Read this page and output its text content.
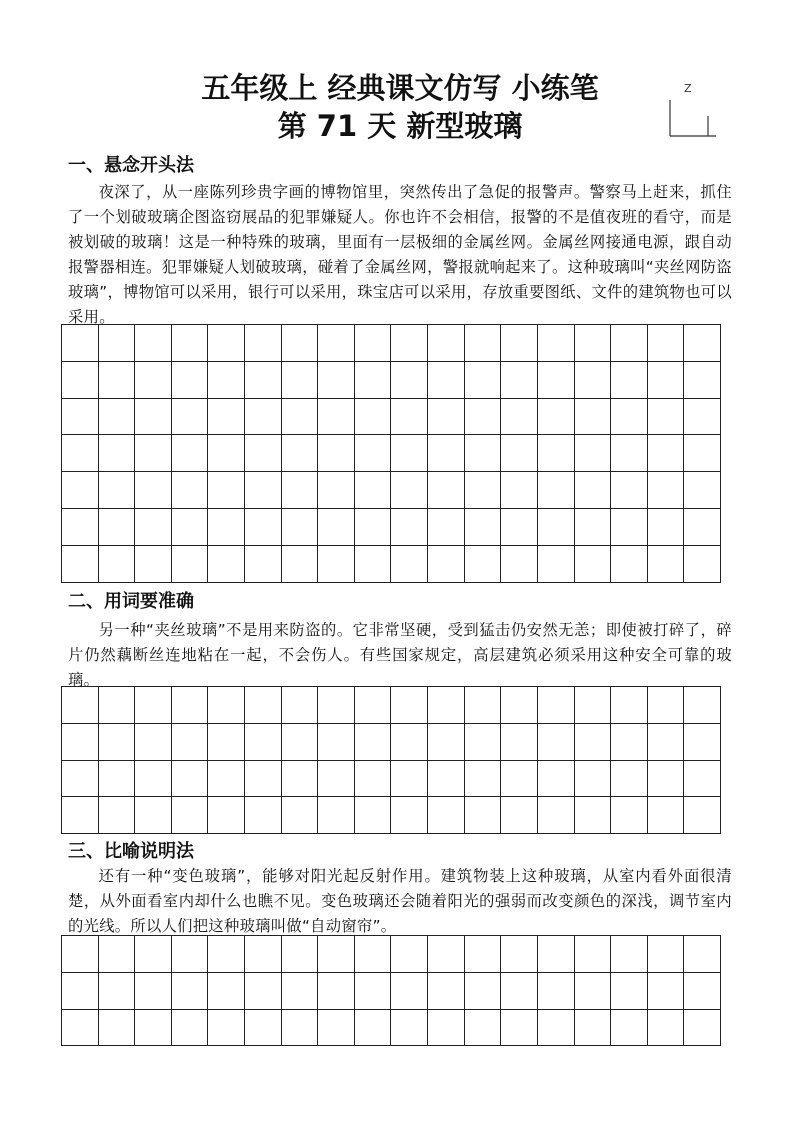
五年级上 经典课文仿写 小练笔
第 71 天 新型玻璃
Z
一、悬念开头法
夜深了，从一座陈列珍贵字画的博物馆里，突然传出了急促的报警声。警察马上赶来，抓住了一个划破玻璃企图盗窃展品的犯罪嫌疑人。你也许不会相信，报警的不是值夜班的看守，而是被划破的玻璃！这是一种特殊的玻璃，里面有一层极细的金属丝网。金属丝网接通电源，跟自动报警器相连。犯罪嫌疑人划破玻璃，碰着了金属丝网，警报就响起来了。这种玻璃叫“夹丝网防盗玻璃”，博物馆可以采用，银行可以采用，珠宝店可以采用，存放重要图纸、文件的建筑物也可以采用。
二、用词要准确
另一种“夹丝玻璃”不是用来防盗的。它非常坚硬，受到猛击仍安然无恙；即使被打碎了，碎片仍然藕断丝连地粘在一起，不会伤人。有些国家规定，高层建筑必须采用这种安全可靠的玻璃。
三、比喻说明法
还有一种“变色玻璃”，能够对阳光起反射作用。建筑物装上这种玻璃，从室内看外面很清楚，从外面看室内却什么也瞧不见。变色玻璃还会随着阳光的强弱而改变颜色的深浅，调节室内的光线。所以人们把这种玻璃叫做“自动窗帘”。
